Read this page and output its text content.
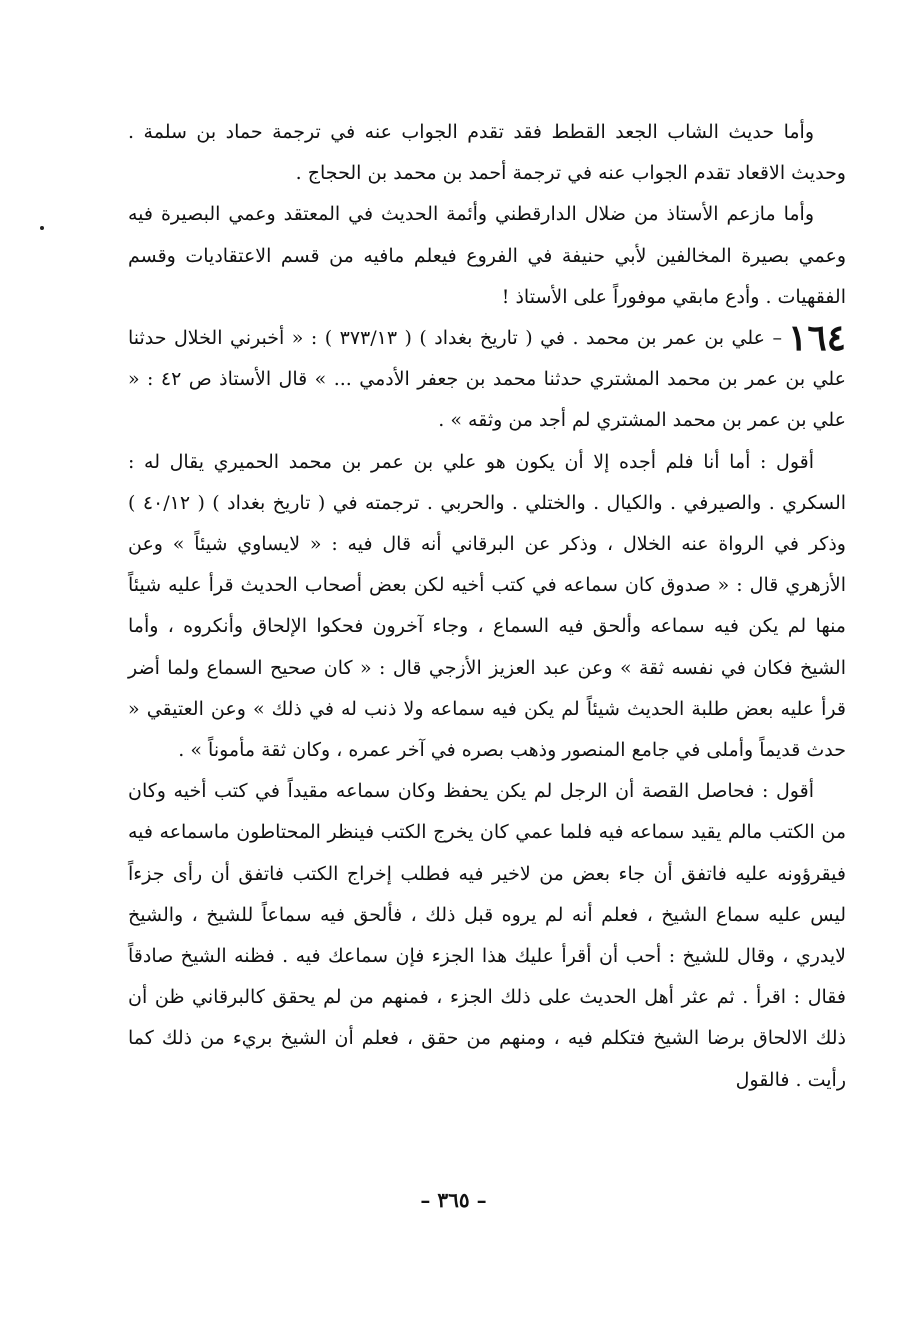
وأما حديث الشاب الجعد القطط فقد تقدم الجواب عنه في ترجمة حماد بن سلمة . وحديث الاقعاد تقدم الجواب عنه في ترجمة أحمد بن محمد بن الحجاج .

وأما مازعم الأستاذ من ضلال الدارقطني وأئمة الحديث في المعتقد وعمي البصيرة فيه وعمي بصيرة المخالفين لأبي حنيفة في الفروع فيعلم مافيه من قسم الاعتقاديات وقسم الفقهيات . وأدع مابقي موفوراً على الأستاذ !

١٦٤– علي بن عمر بن محمد . في ( تاريخ بغداد ) ( ٣٧٣/١٣ ) : « أخبرني الخلال حدثنا علي بن عمر بن محمد المشتري حدثنا محمد بن جعفر الأدمي ... » قال الأستاذ ص ٤٢ : « علي بن عمر بن محمد المشتري لم أجد من وثقه » .

أقول : أما أنا فلم أجده إلا أن يكون هو علي بن عمر بن محمد الحميري يقال له : السكري . والصيرفي . والكيال . والختلي . والحربي . ترجمته في ( تاريخ بغداد ) ( ٤٠/١٢ ) وذكر في الرواة عنه الخلال ، وذكر عن البرقاني أنه قال فيه : « لايساوي شيئاً » وعن الأزهري قال : « صدوق كان سماعه في كتب أخيه لكن بعض أصحاب الحديث قرأ عليه شيئاً منها لم يكن فيه سماعه وألحق فيه السماع ، وجاء آخرون فحكوا الإلحاق وأنكروه ، وأما الشيخ فكان في نفسه ثقة » وعن عبد العزيز الأزجي قال : « كان صحيح السماع ولما أضر قرأ عليه بعض طلبة الحديث شيئاً لم يكن فيه سماعه ولا ذنب له في ذلك » وعن العتيقي « حدث قديماً وأملى في جامع المنصور وذهب بصره في آخر عمره ، وكان ثقة مأموناً » .

أقول : فحاصل القصة أن الرجل لم يكن يحفظ وكان سماعه مقيداً في كتب أخيه وكان من الكتب مالم يقيد سماعه فيه فلما عمي كان يخرج الكتب فينظر المحتاطون ماسماعه فيه فيقرؤونه عليه فاتفق أن جاء بعض من لاخير فيه فطلب إخراج الكتب فاتفق أن رأى جزءاً ليس عليه سماع الشيخ ، فعلم أنه لم يروه قبل ذلك ، فألحق فيه سماعاً للشيخ ، والشيخ لايدري ، وقال للشيخ : أحب أن أقرأ عليك هذا الجزء فإن سماعك فيه . فظنه الشيخ صادقاً فقال : اقرأ . ثم عثر أهل الحديث على ذلك الجزء ، فمنهم من لم يحقق كالبرقاني ظن أن ذلك الالحاق برضا الشيخ فتكلم فيه ، ومنهم من حقق ، فعلم أن الشيخ بريء من ذلك كما رأيت . فالقول

– ٣٦٥ –
